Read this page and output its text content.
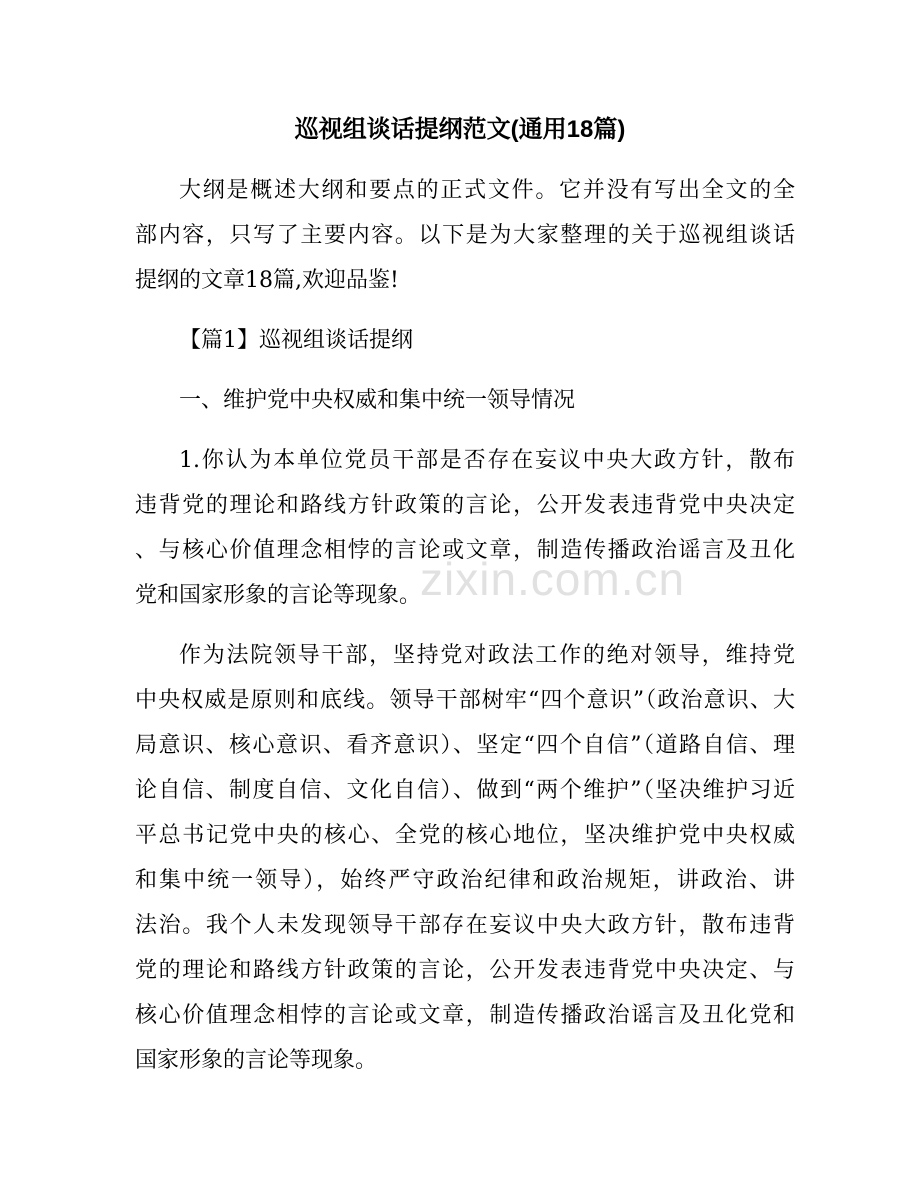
巡视组谈话提纲范文(通用18篇)
大纲是概述大纲和要点的正式文件。它并没有写出全文的全
部内容，只写了主要内容。以下是为大家整理的关于巡视组谈话
提纲的文章18篇,欢迎品鉴!
【篇1】巡视组谈话提纲
一、维护党中央权威和集中统一领导情况
1.你认为本单位党员干部是否存在妄议中央大政方针，散布
违背党的理论和路线方针政策的言论，公开发表违背党中央决定
、与核心价值理念相悖的言论或文章，制造传播政治谣言及丑化
党和国家形象的言论等现象。
作为法院领导干部，坚持党对政法工作的绝对领导，维持党
中央权威是原则和底线。领导干部树牢“四个意识”（政治意识、大
局意识、核心意识、看齐意识）、坚定“四个自信”（道路自信、理
论自信、制度自信、文化自信）、做到“两个维护”（坚决维护习近
平总书记党中央的核心、全党的核心地位，坚决维护党中央权威
和集中统一领导），始终严守政治纪律和政治规矩，讲政治、讲
法治。我个人未发现领导干部存在妄议中央大政方针，散布违背
党的理论和路线方针政策的言论，公开发表违背党中央决定、与
核心价值理念相悖的言论或文章，制造传播政治谣言及丑化党和
国家形象的言论等现象。
zixin.com.cn
